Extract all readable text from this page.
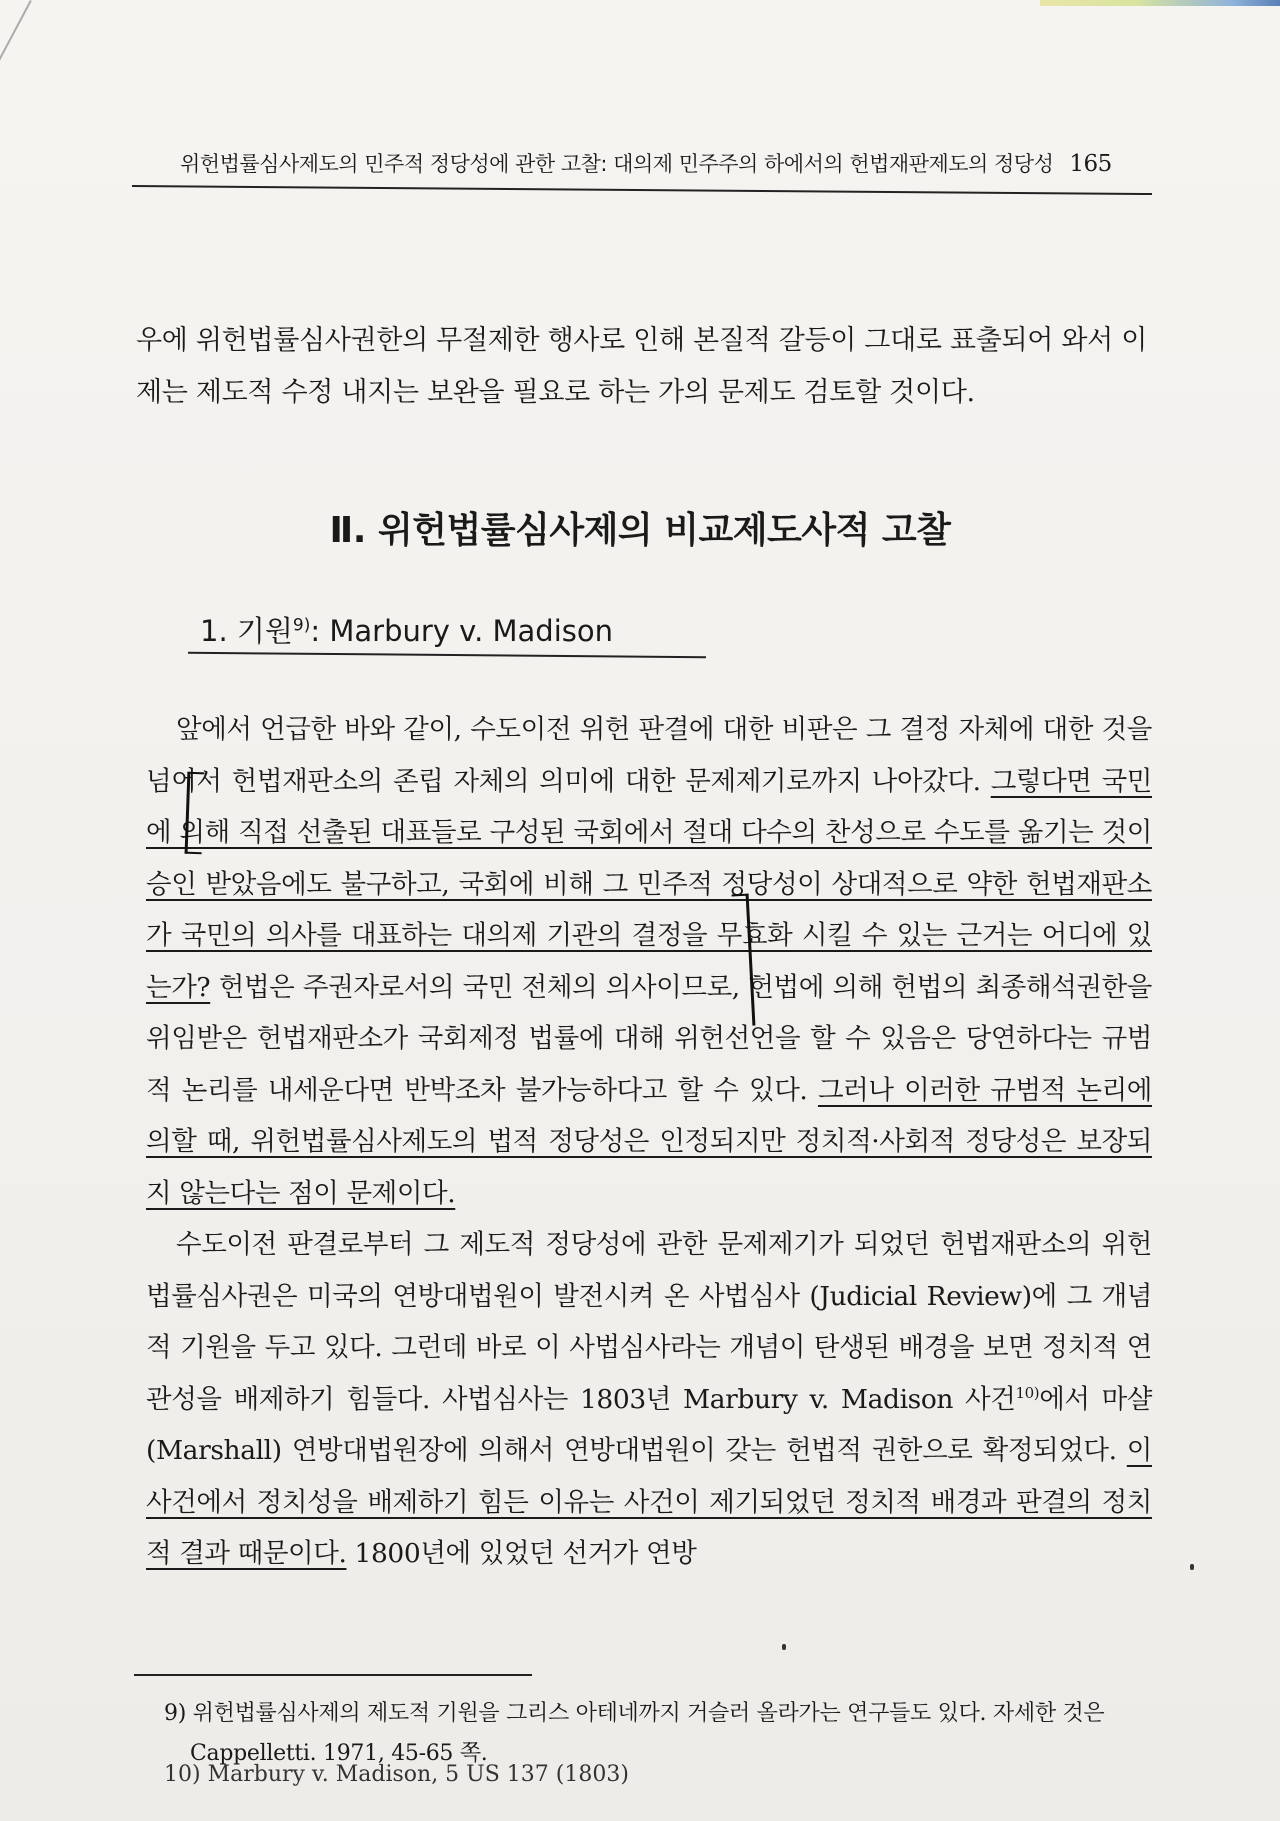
위헌법률심사제도의 민주적 정당성에 관한 고찰: 대의제 민주주의 하에서의 헌법재판제도의 정당성 165

우에 위헌법률심사권한의 무절제한 행사로 인해 본질적 갈등이 그대로 표출되어 와서 이제는 제도적 수정 내지는 보완을 필요로 하는 가의 문제도 검토할 것이다.

Ⅱ. 위헌법률심사제의 비교제도사적 고찰
1. 기원$^{9)}$: Marbury v. Madison

앞에서 언급한 바와 같이, 수도이전 위헌 판결에 대한 비판은 그 결정 자체에 대한 것을 넘어서 헌법재판소의 존립 자체의 의미에 대한 문제제기로까지 나아갔다. 그렇다면 국민에 의해 직접 선출된 대표들로 구성된 국회에서 절대 다수의 찬성으로 수도를 옮기는 것이 승인 받았음에도 불구하고, 국회에 비해 그 민주적 정당성이 상대적으로 약한 헌법재판소가 국민의 의사를 대표하는 대의제 기관의 결정을 무효화 시킬 수 있는 근거는 어디에 있는가? 헌법은 주권자로서의 국민 전체의 의사이므로, 헌법에 의해 헌법의 최종해석권한을 위임받은 헌법재판소가 국회제정 법률에 대해 위헌선언을 할 수 있음은 당연하다는 규범적 논리를 내세운다면 반박조차 불가능하다고 할 수 있다. 그러나 이러한 규범적 논리에 의할 때, 위헌법률심사제도의 법적 정당성은 인정되지만 정치적·사회적 정당성은 보장되지 않는다는 점이 문제이다.

수도이전 판결로부터 그 제도적 정당성에 관한 문제제기가 되었던 헌법재판소의 위헌법률심사권은 미국의 연방대법원이 발전시켜 온 사법심사 (Judicial Review)에 그 개념적 기원을 두고 있다. 그런데 바로 이 사법심사라는 개념이 탄생된 배경을 보면 정치적 연관성을 배제하기 힘들다. 사법심사는 1803년 Marbury v. Madison 사건$^{10)}$에서 마샬 (Marshall) 연방대법원장에 의해서 연방대법원이 갖는 헌법적 권한으로 확정되었다. 이 사건에서 정치성을 배제하기 힘든 이유는 사건이 제기되었던 정치적 배경과 판결의 정치적 결과 때문이다. 1800년에 있었던 선거가 연방

9) 위헌법률심사제의 제도적 기원을 그리스 아테네까지 거슬러 올라가는 연구들도 있다. 자세한 것은 Cappelletti. 1971, 45-65 쪽.

10) Marbury v. Madison, 5 US 137 (1803)
